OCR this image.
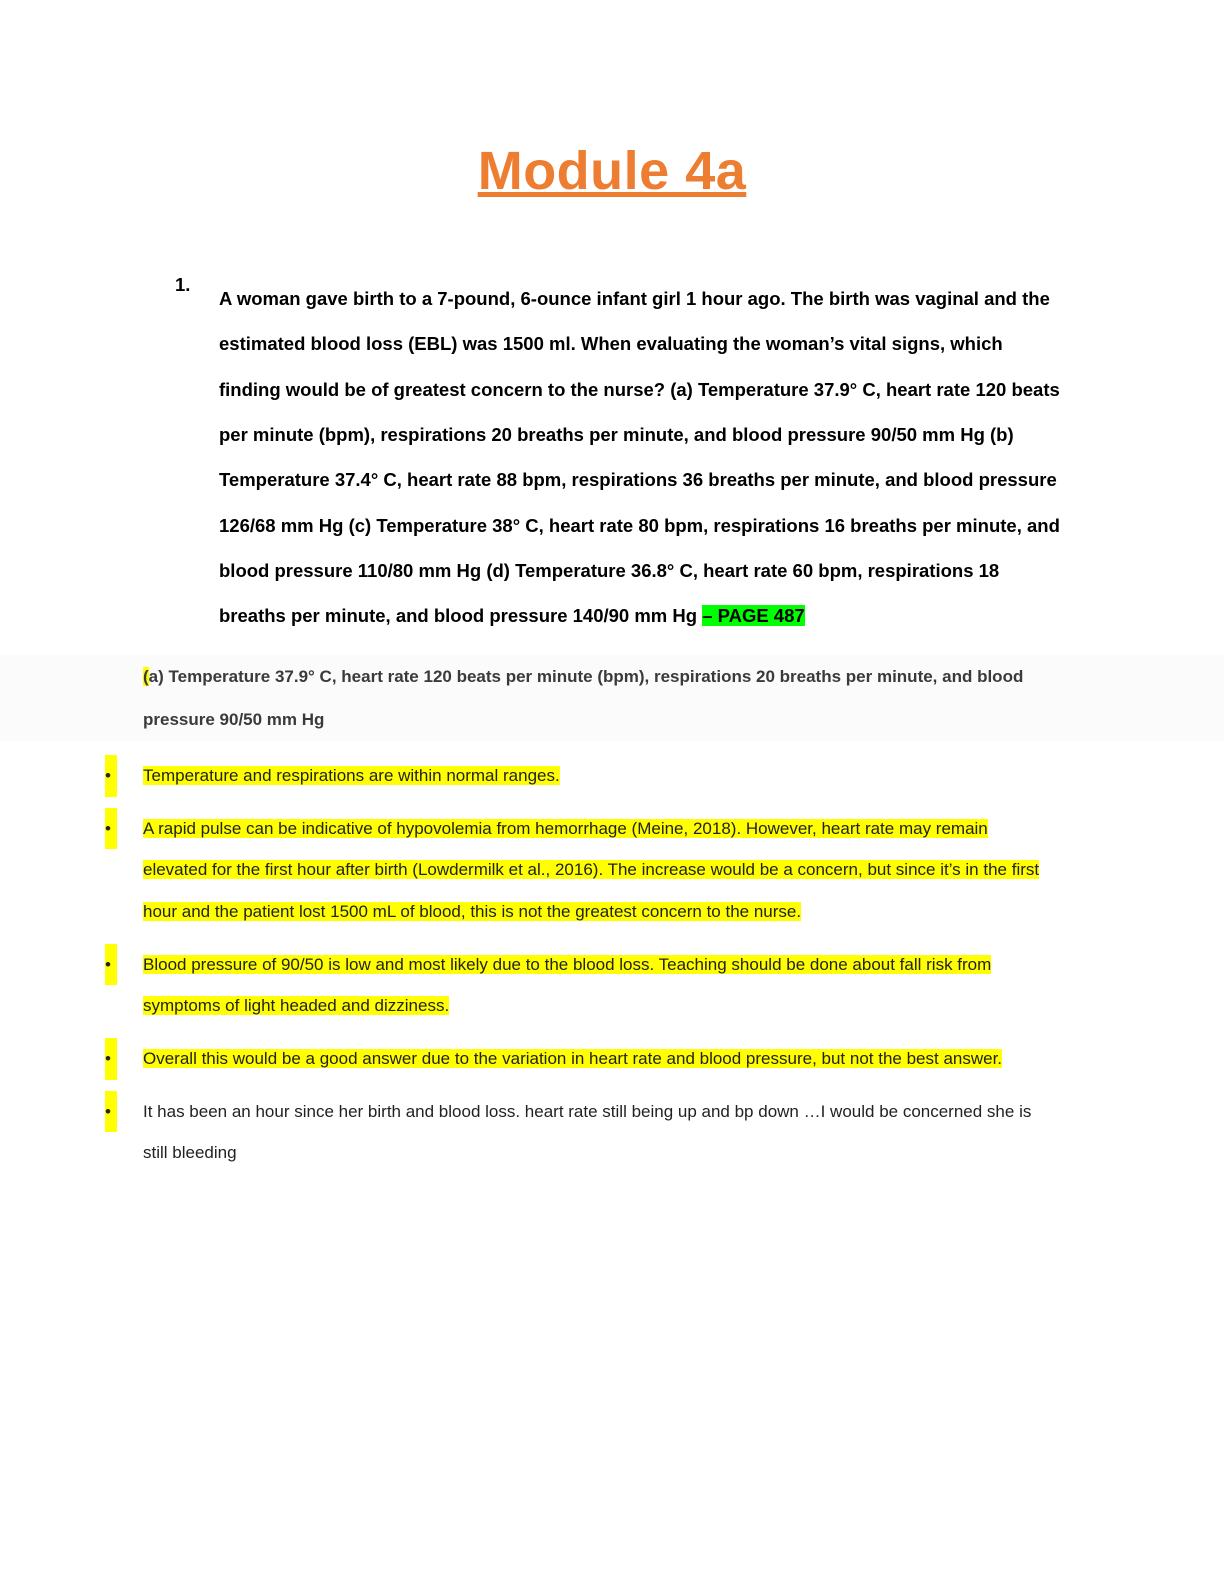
Module 4a
1.
A woman gave birth to a 7-pound, 6-ounce infant girl 1 hour ago. The birth was vaginal and the estimated blood loss (EBL) was 1500 ml. When evaluating the woman’s vital signs, which finding would be of greatest concern to the nurse? (a) Temperature 37.9° C, heart rate 120 beats per minute (bpm), respirations 20 breaths per minute, and blood pressure 90/50 mm Hg (b) Temperature 37.4° C, heart rate 88 bpm, respirations 36 breaths per minute, and blood pressure 126/68 mm Hg (c) Temperature 38° C, heart rate 80 bpm, respirations 16 breaths per minute, and blood pressure 110/80 mm Hg (d) Temperature 36.8° C, heart rate 60 bpm, respirations 18 breaths per minute, and blood pressure 140/90 mm Hg – PAGE 487
(a) Temperature 37.9° C, heart rate 120 beats per minute (bpm), respirations 20 breaths per minute, and blood pressure 90/50 mm Hg
•	Temperature and respirations are within normal ranges.
•	A rapid pulse can be indicative of hypovolemia from hemorrhage (Meine, 2018). However, heart rate may remain elevated for the first hour after birth (Lowdermilk et al., 2016). The increase would be a concern, but since it’s in the first hour and the patient lost 1500 mL of blood, this is not the greatest concern to the nurse.
•	Blood pressure of 90/50 is low and most likely due to the blood loss. Teaching should be done about fall risk from symptoms of light headed and dizziness.
•	Overall this would be a good answer due to the variation in heart rate and blood pressure, but not the best answer.
•	It has been an hour since her birth and blood loss. heart rate still being up and bp down …I would be concerned she is still bleeding
